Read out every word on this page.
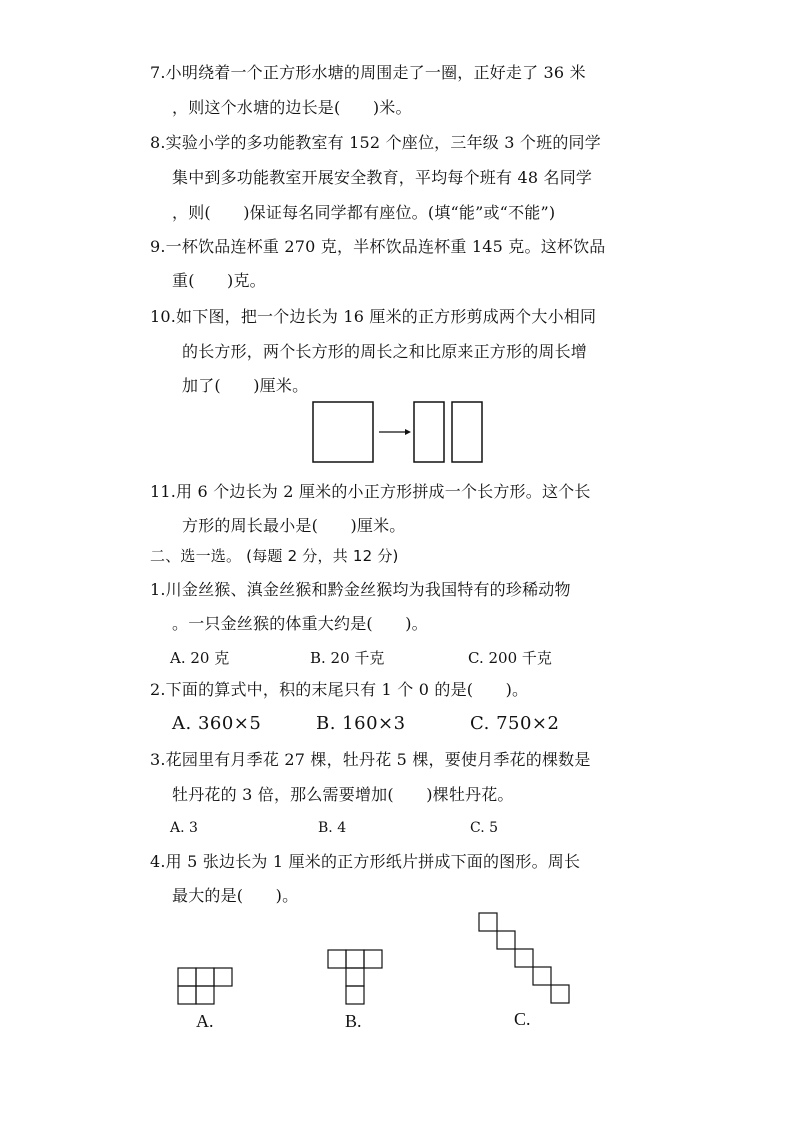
7.小明绕着一个正方形水塘的周围走了一圈，正好走了 36 米
，则这个水塘的边长是(　　)米。
8.实验小学的多功能教室有 152 个座位，三年级 3 个班的同学
集中到多功能教室开展安全教育，平均每个班有 48 名同学
，则(　　)保证每名同学都有座位。(填“能”或“不能”)
9.一杯饮品连杯重 270 克，半杯饮品连杯重 145 克。这杯饮品
重(　　)克。
10.如下图，把一个边长为 16 厘米的正方形剪成两个大小相同
的长方形，两个长方形的周长之和比原来正方形的周长增
加了(　　)厘米。
11.用 6 个边长为 2 厘米的小正方形拼成一个长方形。这个长
方形的周长最小是(　　)厘米。
二、选一选。 (每题 2 分，共 12 分)
1.川金丝猴、滇金丝猴和黔金丝猴均为我国特有的珍稀动物
。一只金丝猴的体重大约是(　　)。
A. 20 克	B. 20 千克	C. 200 千克
2.下面的算式中，积的末尾只有 1 个 0 的是(　　)。
A. 360×5	B. 160×3	C. 750×2
3.花园里有月季花 27 棵，牡丹花 5 棵，要使月季花的棵数是
牡丹花的 3 倍，那么需要增加(　　)棵牡丹花。
A. 3	B. 4	C. 5
4.用 5 张边长为 1 厘米的正方形纸片拼成下面的图形。周长
最大的是(　　)。
A.	B.	C.
